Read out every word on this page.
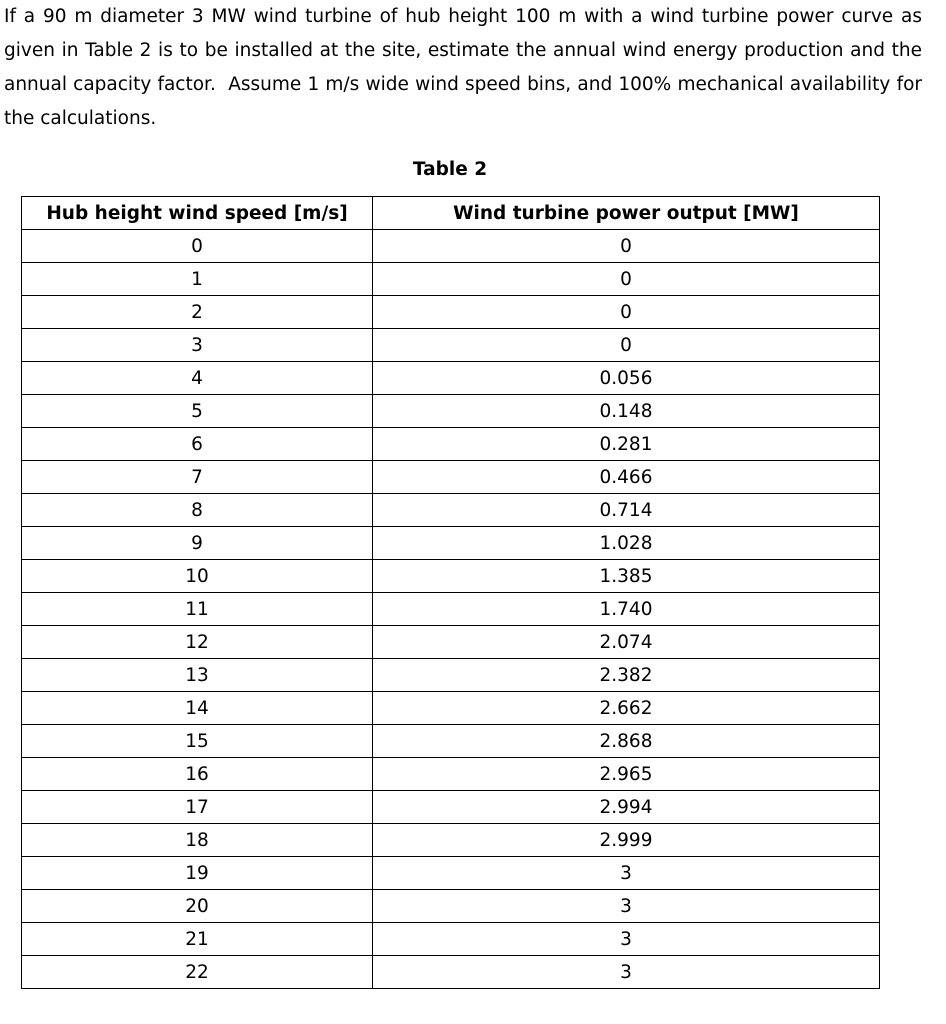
If a 90 m diameter 3 MW wind turbine of hub height 100 m with a wind turbine power curve as given in Table 2 is to be installed at the site, estimate the annual wind energy production and the annual capacity factor.  Assume 1 m/s wide wind speed bins, and 100% mechanical availability for the calculations.

Table 2
Hub height wind speed [m/s]	Wind turbine power output [MW]
0	0
1	0
2	0
3	0
4	0.056
5	0.148
6	0.281
7	0.466
8	0.714
9	1.028
10	1.385
11	1.740
12	2.074
13	2.382
14	2.662
15	2.868
16	2.965
17	2.994
18	2.999
19	3
20	3
21	3
22	3
